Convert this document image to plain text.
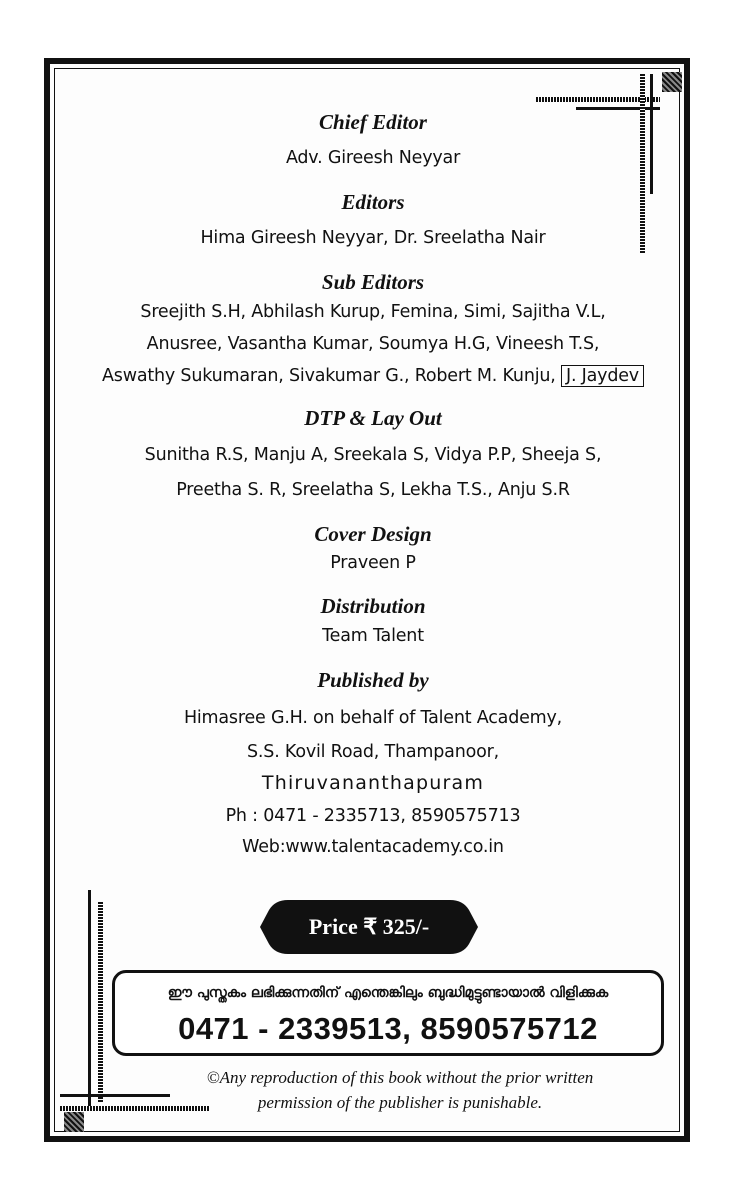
Chief Editor
Adv. Gireesh Neyyar
Editors
Hima Gireesh Neyyar, Dr. Sreelatha Nair
Sub Editors
Sreejith S.H, Abhilash Kurup, Femina, Simi, Sajitha V.L,
Anusree, Vasantha Kumar, Soumya H.G, Vineesh T.S,
Aswathy Sukumaran, Sivakumar G., Robert M. Kunju, J. Jaydev
DTP & Lay Out
Sunitha R.S, Manju A, Sreekala S, Vidya P.P, Sheeja S,
Preetha S. R, Sreelatha S, Lekha T.S., Anju S.R
Cover Design
Praveen P
Distribution
Team Talent
Published by
Himasree G.H. on behalf of Talent Academy,
S.S. Kovil Road, Thampanoor,
Thiruvananthapuram
Ph : 0471 - 2335713, 8590575713
Web:www.talentacademy.co.in
Price ₹ 325/-
ഈ പുസ്തകം ലഭിക്കുന്നതിന് എന്തെങ്കിലും ബുദ്ധിമുട്ടുണ്ടായാൽ വിളിക്കുക
0471 - 2339513, 8590575712
©Any reproduction of this book without the prior written
permission of the publisher is punishable.
